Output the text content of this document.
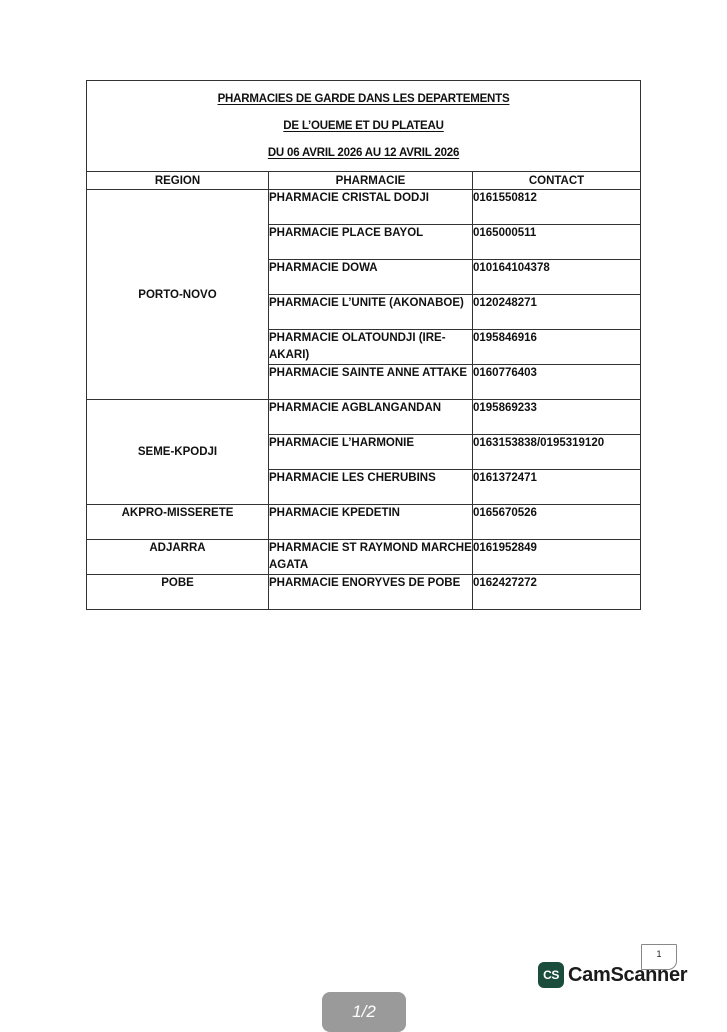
PHARMACIES DE GARDE DANS LES DEPARTEMENTS
DE L’OUEME ET DU PLATEAU
DU 06 AVRIL 2026 AU 12 AVRIL 2026		

REGION	PHARMACIE	CONTACT
PORTO-NOVO	PHARMACIE CRISTAL DODJI	0161550812
	PHARMACIE PLACE BAYOL	0165000511
	PHARMACIE DOWA	010164104378
	PHARMACIE L’UNITE (AKONABOE)	0120248271
	PHARMACIE OLATOUNDJI (IRE-AKARI)	0195846916
	PHARMACIE SAINTE ANNE ATTAKE	0160776403
SEME-KPODJI	PHARMACIE AGBLANGANDAN	0195869233
	PHARMACIE L’HARMONIE	0163153838/0195319120
	PHARMACIE LES CHERUBINS	0161372471
AKPRO-MISSERETE	PHARMACIE KPEDETIN	0165670526
ADJARRA	PHARMACIE ST RAYMOND MARCHE AGATA	0161952849
POBE	PHARMACIE ENORYVES DE POBE	0162427272
1
CS CamScanner
1/2
